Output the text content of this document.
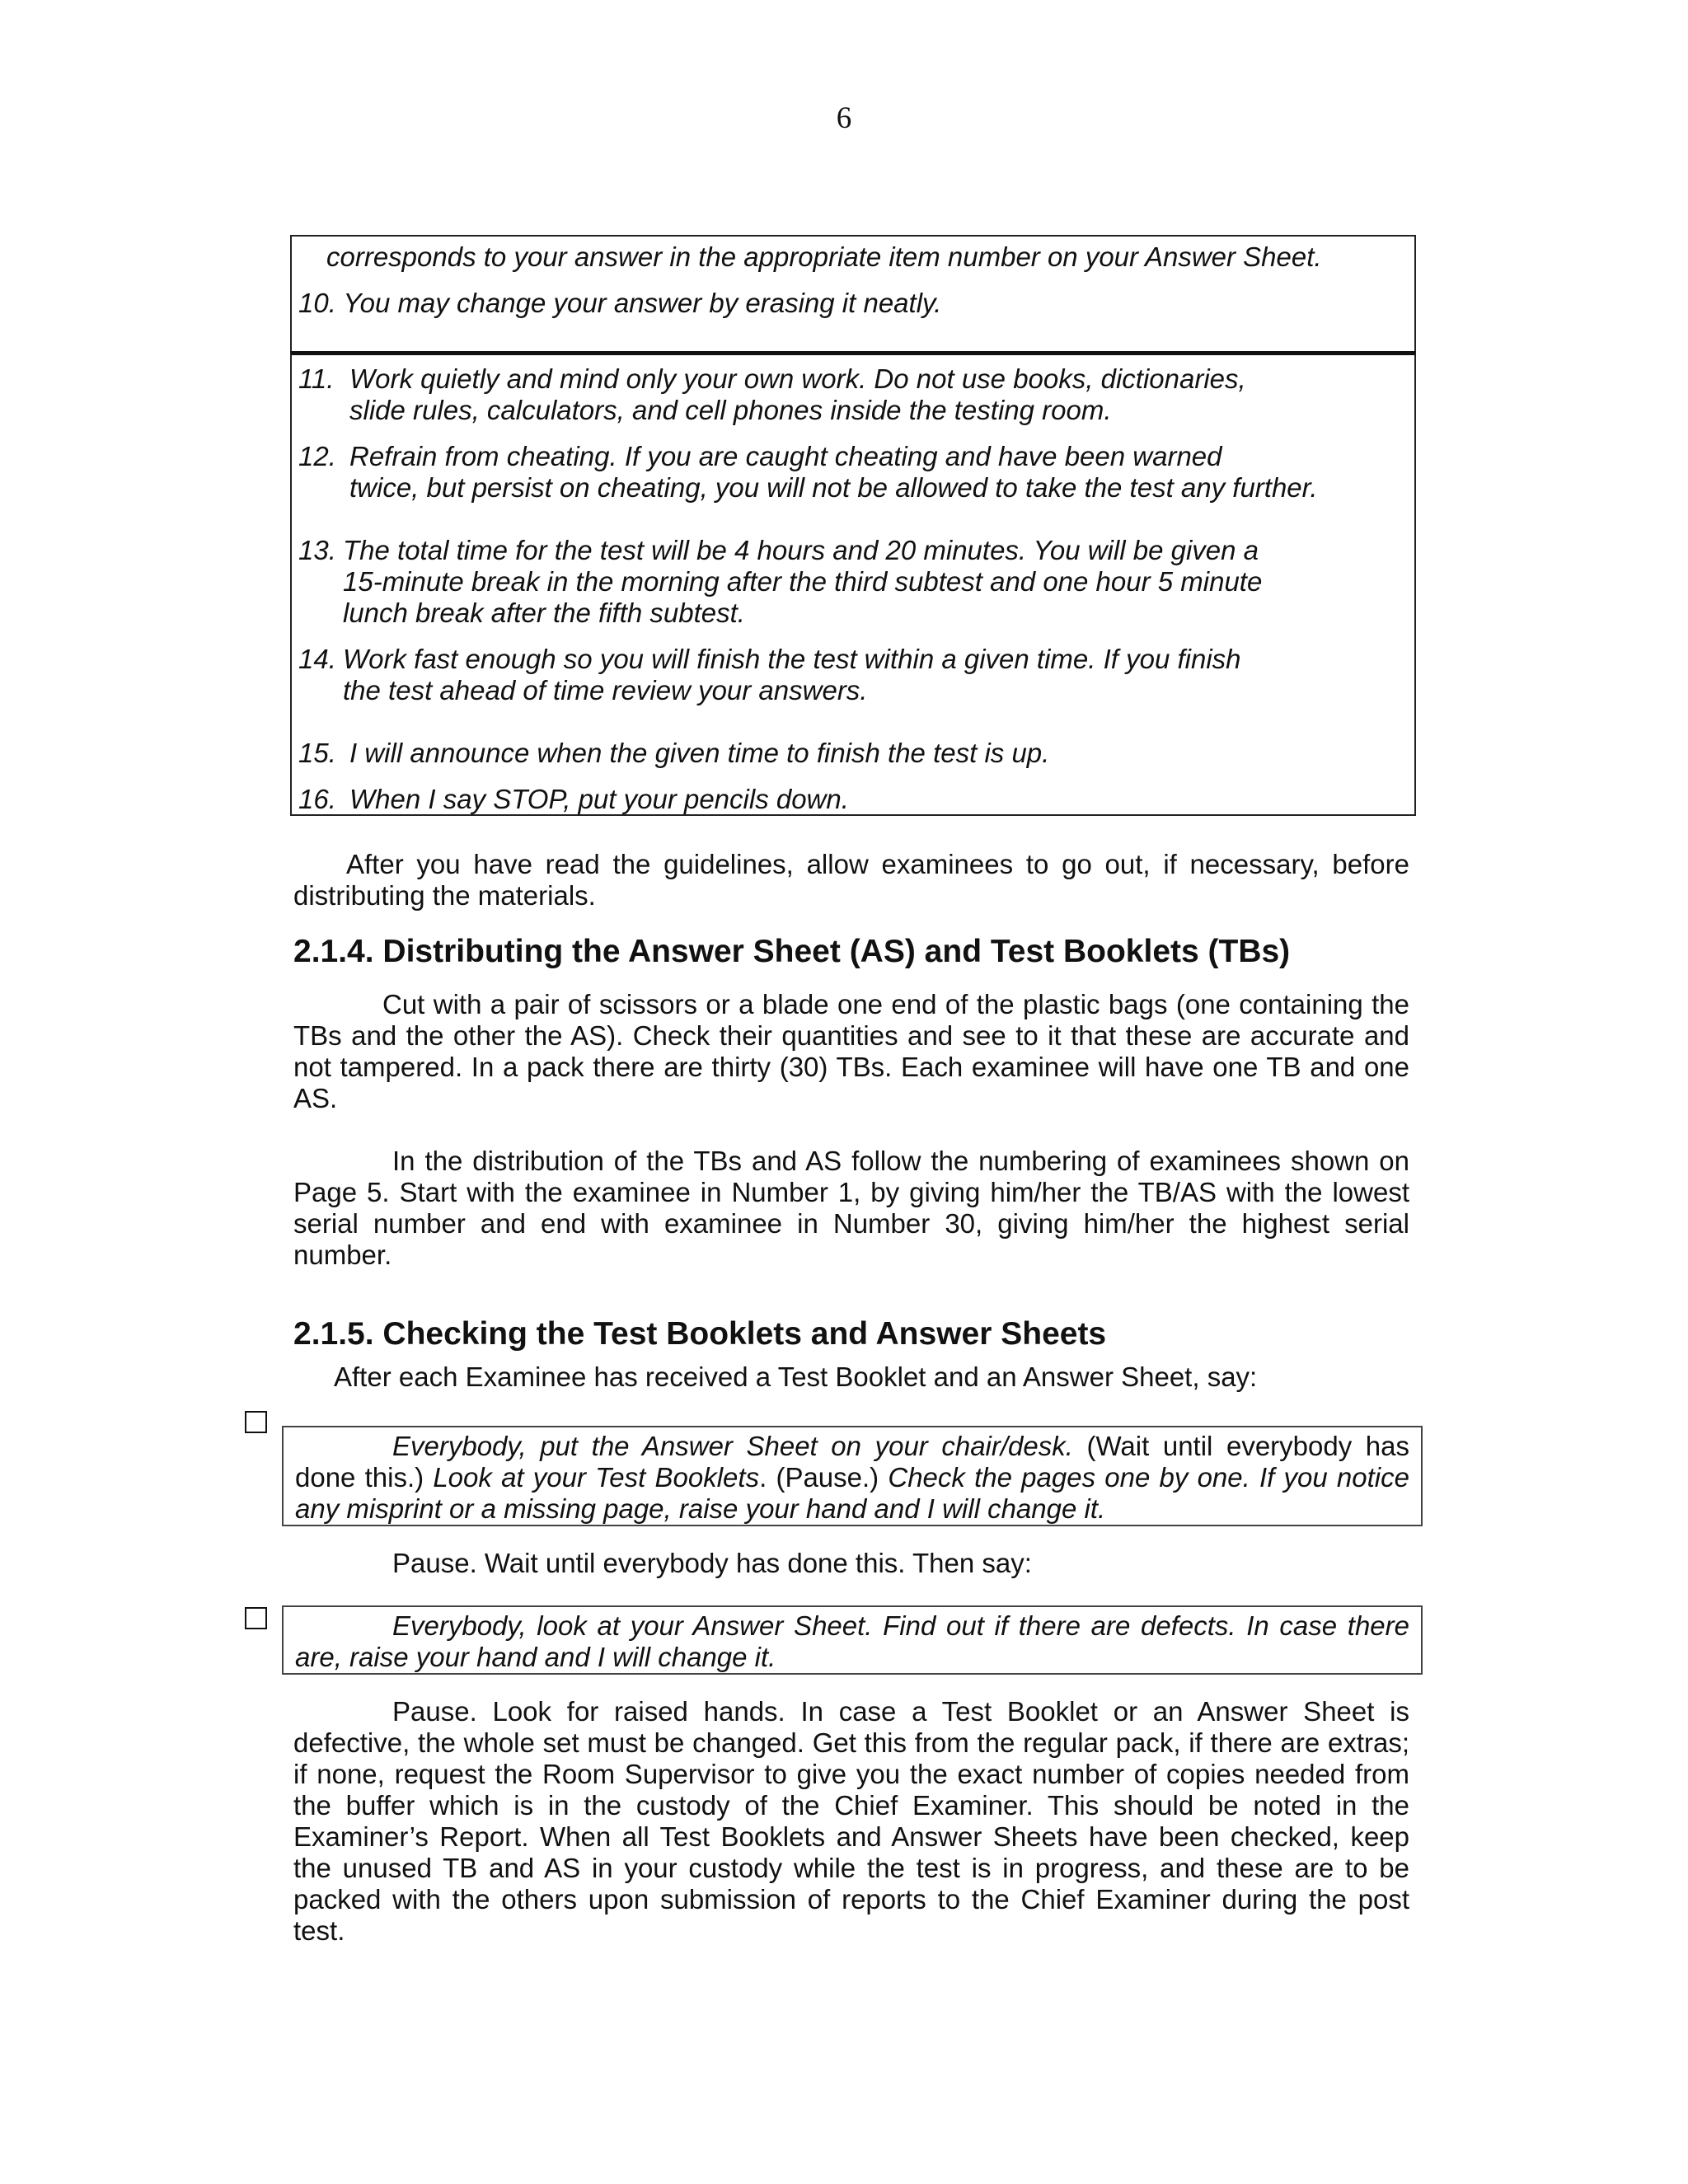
6
corresponds to your answer in the appropriate item number on your Answer Sheet.
10. You may change your answer by erasing it neatly.
11. Work quietly and mind only your own work. Do not use books, dictionaries,
slide rules, calculators, and cell phones inside the testing room.
12. Refrain from cheating. If you are caught cheating and have been warned
twice, but persist on cheating, you will not be allowed to take the test any further.
13. The total time for the test will be 4 hours and 20 minutes. You will be given a
15-minute break in the morning after the third subtest and one hour 5 minute
lunch break after the fifth subtest.
14. Work fast enough so you will finish the test within a given time. If you finish
the test ahead of time review your answers.
15. I will announce when the given time to finish the test is up.
16. When I say STOP, put your pencils down.

After you have read the guidelines, allow examinees to go out, if necessary, before distributing the materials.

2.1.4. Distributing the Answer Sheet (AS) and Test Booklets (TBs)

Cut with a pair of scissors or a blade one end of the plastic bags (one containing the TBs and the other the AS). Check their quantities and see to it that these are accurate and not tampered. In a pack there are thirty (30) TBs. Each examinee will have one TB and one AS.

In the distribution of the TBs and AS follow the numbering of examinees shown on Page 5. Start with the examinee in Number 1, by giving him/her the TB/AS with the lowest serial number and end with examinee in Number 30, giving him/her the highest serial number.

2.1.5. Checking the Test Booklets and Answer Sheets

After each Examinee has received a Test Booklet and an Answer Sheet, say:

Everybody, put the Answer Sheet on your chair/desk. (Wait until everybody has done this.) Look at your Test Booklets. (Pause.) Check the pages one by one. If you notice any misprint or a missing page, raise your hand and I will change it.

Pause. Wait until everybody has done this. Then say:

Everybody, look at your Answer Sheet. Find out if there are defects. In case there are, raise your hand and I will change it.

Pause. Look for raised hands. In case a Test Booklet or an Answer Sheet is defective, the whole set must be changed. Get this from the regular pack, if there are extras; if none, request the Room Supervisor to give you the exact number of copies needed from the buffer which is in the custody of the Chief Examiner. This should be noted in the Examiner’s Report. When all Test Booklets and Answer Sheets have been checked, keep the unused TB and AS in your custody while the test is in progress, and these are to be packed with the others upon submission of reports to the Chief Examiner during the post test.
